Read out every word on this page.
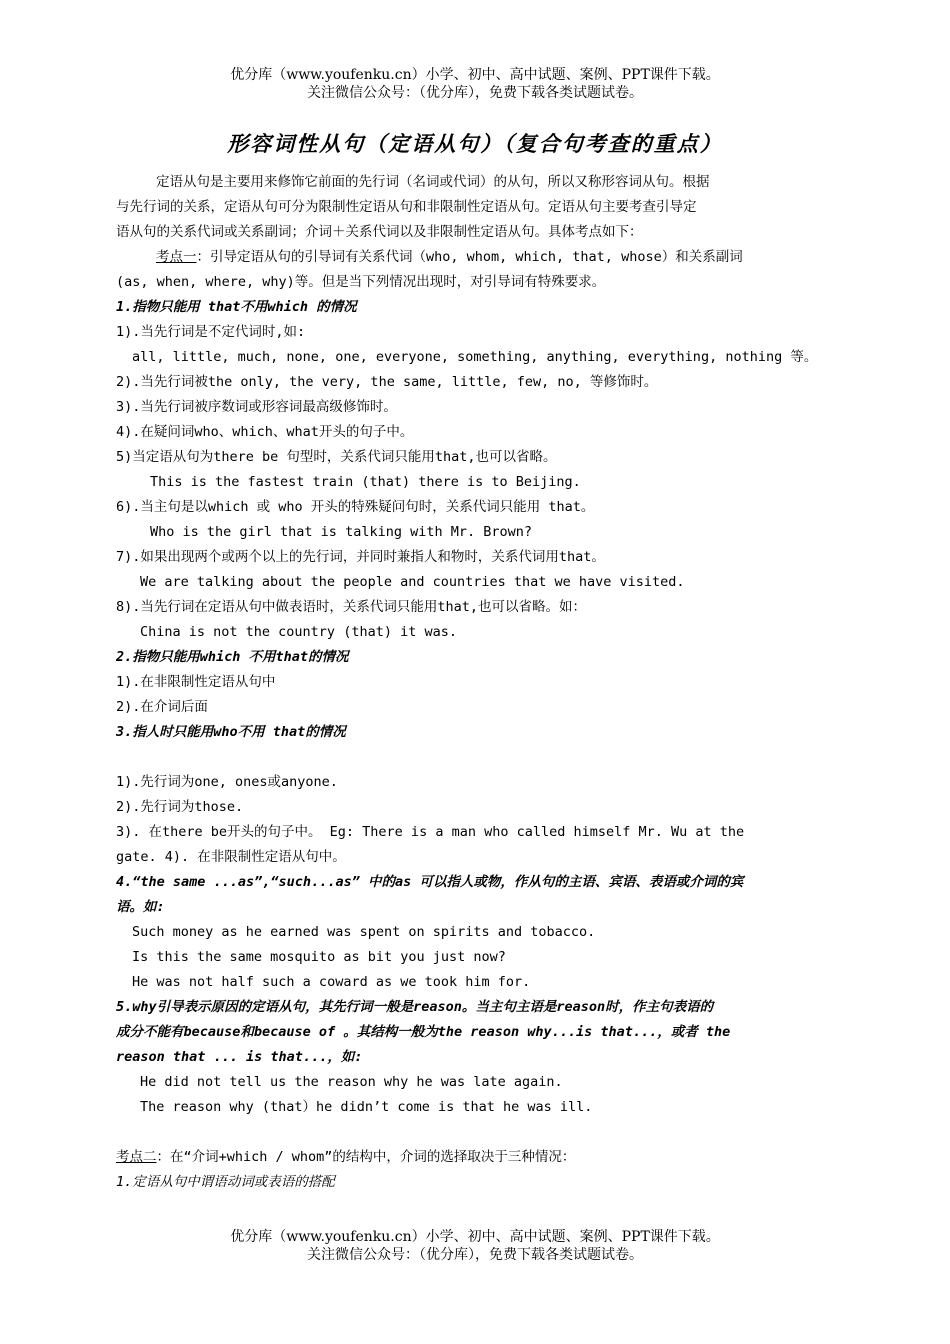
优分库（www.youfenku.cn）小学、初中、高中试题、案例、PPT课件下载。
关注微信公众号：（优分库），免费下载各类试题试卷。
形容词性从句（定语从句）（复合句考查的重点）
定语从句是主要用来修饰它前面的先行词（名词或代词）的从句，所以又称形容词从句。根据
与先行词的关系，定语从句可分为限制性定语从句和非限制性定语从句。定语从句主要考查引导定
语从句的关系代词或关系副词；介词＋关系代词以及非限制性定语从句。具体考点如下：
考点一：引导定语从句的引导词有关系代词（who, whom, which, that, whose）和关系副词
(as, when, where, why)等。但是当下列情况出现时，对引导词有特殊要求。
1.指物只能用 that不用which 的情况
1).当先行词是不定代词时,如:
all, little, much, none, one, everyone, something, anything, everything, nothing 等。
2).当先行词被the only, the very, the same, little, few, no, 等修饰时。
3).当先行词被序数词或形容词最高级修饰时。
4).在疑问词who、which、what开头的句子中。
5)当定语从句为there be 句型时，关系代词只能用that,也可以省略。
This is the fastest train (that) there is to Beijing.
6).当主句是以which 或 who 开头的特殊疑问句时，关系代词只能用 that。
Who is the girl that is talking with Mr. Brown?
7).如果出现两个或两个以上的先行词，并同时兼指人和物时，关系代词用that。
We are talking about the people and countries that we have visited.
8).当先行词在定语从句中做表语时，关系代词只能用that,也可以省略。如：
China is not the country (that) it was.
2.指物只能用which 不用that的情况
1).在非限制性定语从句中
2).在介词后面
3.指人时只能用who不用 that的情况
1).先行词为one, ones或anyone.
2).先行词为those.
3). 在there be开头的句子中。 Eg: There is a man who called himself Mr. Wu at the
gate. 4). 在非限制性定语从句中。
4.“the same ...as”,“such...as” 中的as 可以指人或物，作从句的主语、宾语、表语或介词的宾
语。如:
Such money as he earned was spent on spirits and tobacco.
Is this the same mosquito as bit you just now?
He was not half such a coward as we took him for.
5.why引导表示原因的定语从句，其先行词一般是reason。当主句主语是reason时，作主句表语的
成分不能有because和because of 。其结构一般为the reason why...is that...，或者 the
reason that ... is that...，如:
He did not tell us the reason why he was late again.
The reason why (that）he didn’t come is that he was ill.
考点二：在“介词+which / whom”的结构中，介词的选择取决于三种情况：
1.定语从句中谓语动词或表语的搭配
优分库（www.youfenku.cn）小学、初中、高中试题、案例、PPT课件下载。
关注微信公众号：（优分库），免费下载各类试题试卷。
